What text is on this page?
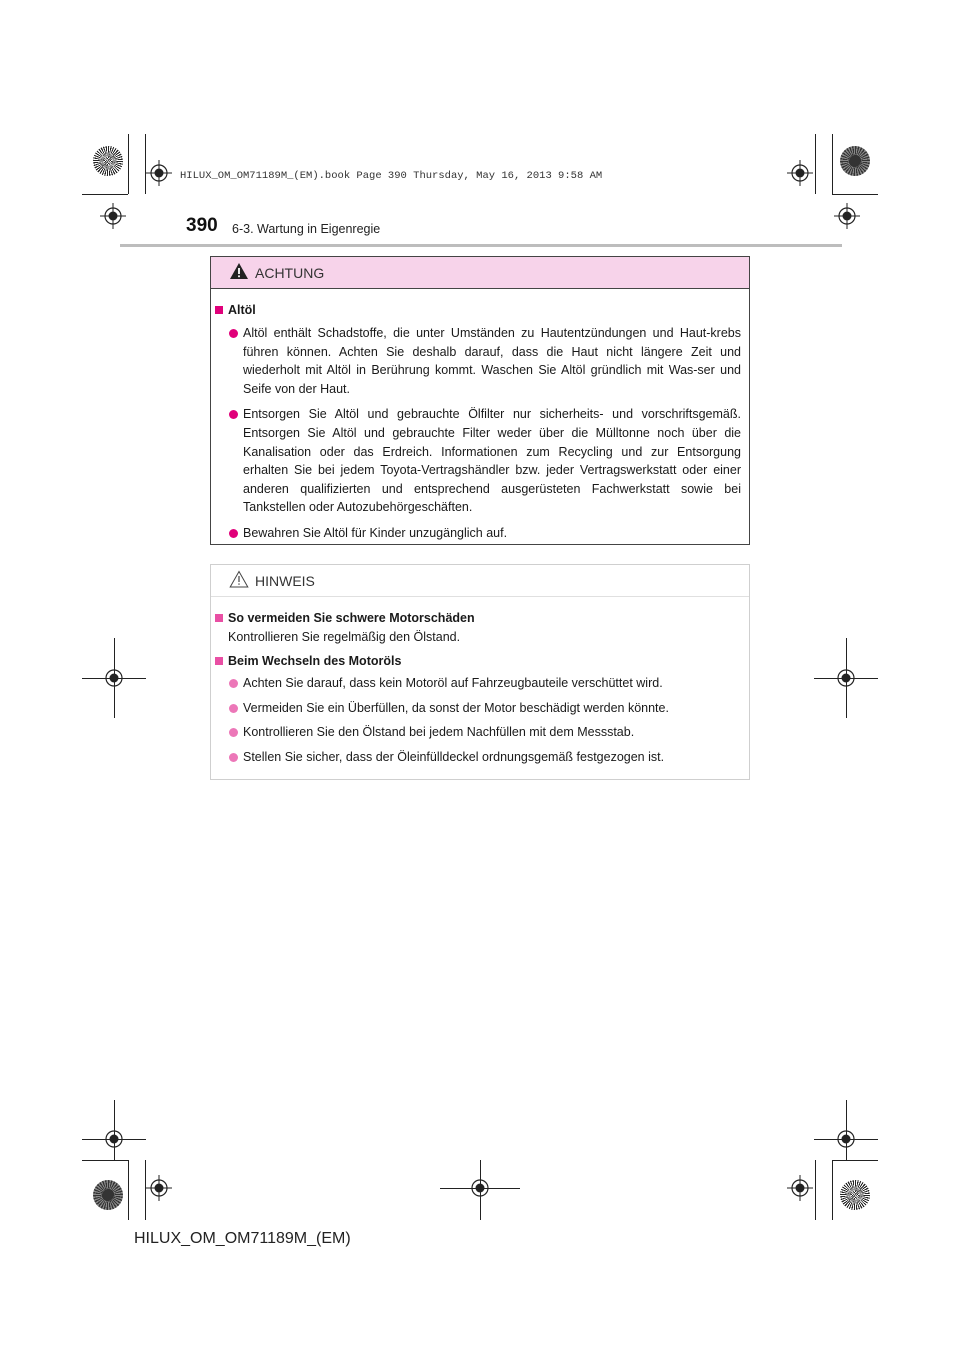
HILUX_OM_OM71189M_(EM).book Page 390 Thursday, May 16, 2013 9:58 AM
390 6-3. Wartung in Eigenregie
ACHTUNG
Altöl
Altöl enthält Schadstoffe, die unter Umständen zu Hautentzündungen und Haut-krebs führen können. Achten Sie deshalb darauf, dass die Haut nicht längere Zeit und wiederholt mit Altöl in Berührung kommt. Waschen Sie Altöl gründlich mit Was-ser und Seife von der Haut.
Entsorgen Sie Altöl und gebrauchte Ölfilter nur sicherheits- und vorschriftsgemäß. Entsorgen Sie Altöl und gebrauchte Filter weder über die Mülltonne noch über die Kanalisation oder das Erdreich. Informationen zum Recycling und zur Entsorgung erhalten Sie bei jedem Toyota-Vertragshändler bzw. jeder Vertragswerkstatt oder einer anderen qualifizierten und entsprechend ausgerüsteten Fachwerkstatt sowie bei Tankstellen oder Autozubehörgeschäften.
Bewahren Sie Altöl für Kinder unzugänglich auf.
HINWEIS
So vermeiden Sie schwere Motorschäden
Kontrollieren Sie regelmäßig den Ölstand.
Beim Wechseln des Motoröls
Achten Sie darauf, dass kein Motoröl auf Fahrzeugbauteile verschüttet wird.
Vermeiden Sie ein Überfüllen, da sonst der Motor beschädigt werden könnte.
Kontrollieren Sie den Ölstand bei jedem Nachfüllen mit dem Messstab.
Stellen Sie sicher, dass der Öleinfülldeckel ordnungsgemäß festgezogen ist.
HILUX_OM_OM71189M_(EM)
